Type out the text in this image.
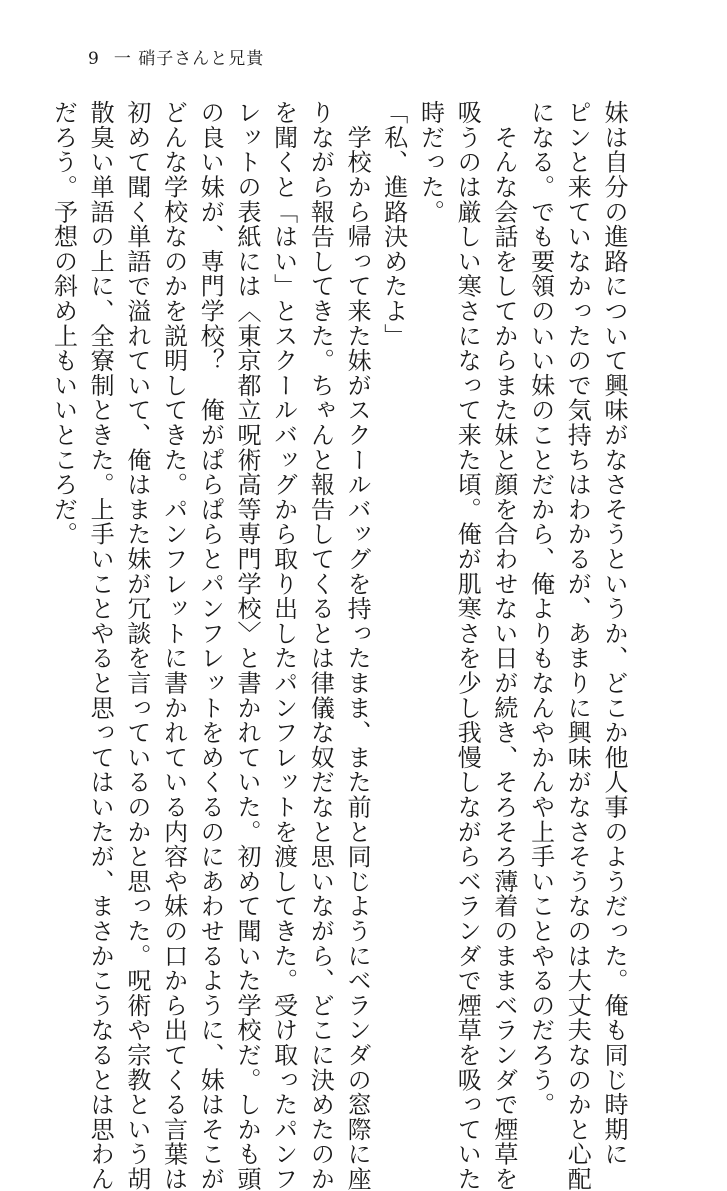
9 一 硝子さんと兄貴

妹は自分の進路について興味がなさそうというか、どこか他人事のようだった。俺も同じ時期に

ピンと来ていなかったので気持ちはわかるが、あまりに興味がなさそうなのは大丈夫なのかと心配

になる。でも要領のいい妹のことだから、俺よりもなんやかんや上手いことやるのだろう。

　そんな会話をしてからまた妹と顔を合わせない日が続き、そろそろ薄着のままベランダで煙草を

吸うのは厳しい寒さになって来た頃。俺が肌寒さを少し我慢しながらベランダで煙草を吸っていた

時だった。

「私、進路決めたよ」

　学校から帰って来た妹がスクールバッグを持ったまま、また前と同じようにベランダの窓際に座

りながら報告してきた。ちゃんと報告してくるとは律儀な奴だなと思いながら、どこに決めたのか

を聞くと「はい」とスクールバッグから取り出したパンフレットを渡してきた。受け取ったパンフ

レットの表紙には〈東京都立呪術高等専門学校〉と書かれていた。初めて聞いた学校だ。しかも頭

の良い妹が、専門学校？　俺がぱらぱらとパンフレットをめくるのにあわせるように、妹はそこが

どんな学校なのかを説明してきた。パンフレットに書かれている内容や妹の口から出てくる言葉は

初めて聞く単語で溢れていて、俺はまた妹が冗談を言っているのかと思った。呪術や宗教という胡

散臭い単語の上に、全寮制ときた。上手いことやると思ってはいたが、まさかこうなるとは思わん

だろう。予想の斜め上もいいところだ。
